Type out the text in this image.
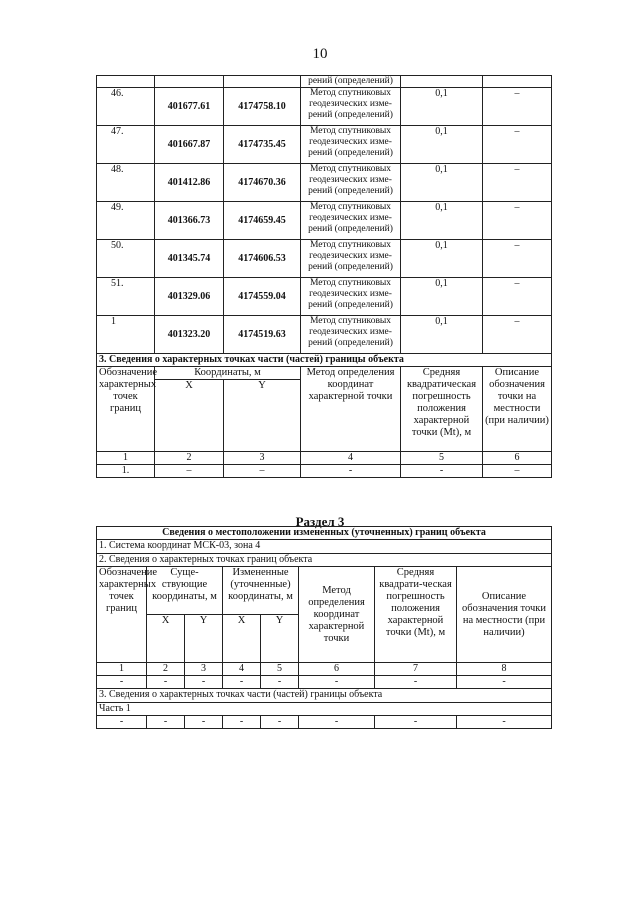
10
			рений (определений)		
46.	401677.61	4174758.10	Метод спутниковых
геодезических изме-
рений (определений)	0,1	–
47.	401667.87	4174735.45	Метод спутниковых
геодезических изме-
рений (определений)	0,1	–
48.	401412.86	4174670.36	Метод спутниковых
геодезических изме-
рений (определений)	0,1	–
49.	401366.73	4174659.45	Метод спутниковых
геодезических изме-
рений (определений)	0,1	–
50.	401345.74	4174606.53	Метод спутниковых
геодезических изме-
рений (определений)	0,1	–
51.	401329.06	4174559.04	Метод спутниковых
геодезических изме-
рений (определений)	0,1	–
1	401323.20	4174519.63	Метод спутниковых
геодезических изме-
рений (определений)	0,1	–
3. Сведения о характерных точках части (частей) границы объекта					
Обозначение характерных точек границ	Координаты, м		Метод определения координат характерной точки	Средняя квадратическая погрешность положения характерной точки (Mt), м	Описание обозначения точки на местности (при наличии)
	X	Y			
1	2	3	4	5	6
1.	–	–	-	-	–
Раздел 3
Сведения о местоположении измененных (уточненных) границ объекта							
1. Система координат МСК-03, зона 4							
2. Сведения о характерных точках границ объекта							
Обозначение характерных точек границ	Суще-ствующие координаты, м		Измененные (уточненные) координаты, м		Метод определения координат характерной точки	Средняя квадрати-ческая погрешность положения характерной точки (Mt), м	Описание обозначения точки на местности (при наличии)
	X	Y	X	Y			
1	2	3	4	5	6	7	8
-	-	-	-	-	-	-	-
3. Сведения о характерных точках части (частей) границы объекта							
Часть 1							
-	-	-	-	-	-	-	-
